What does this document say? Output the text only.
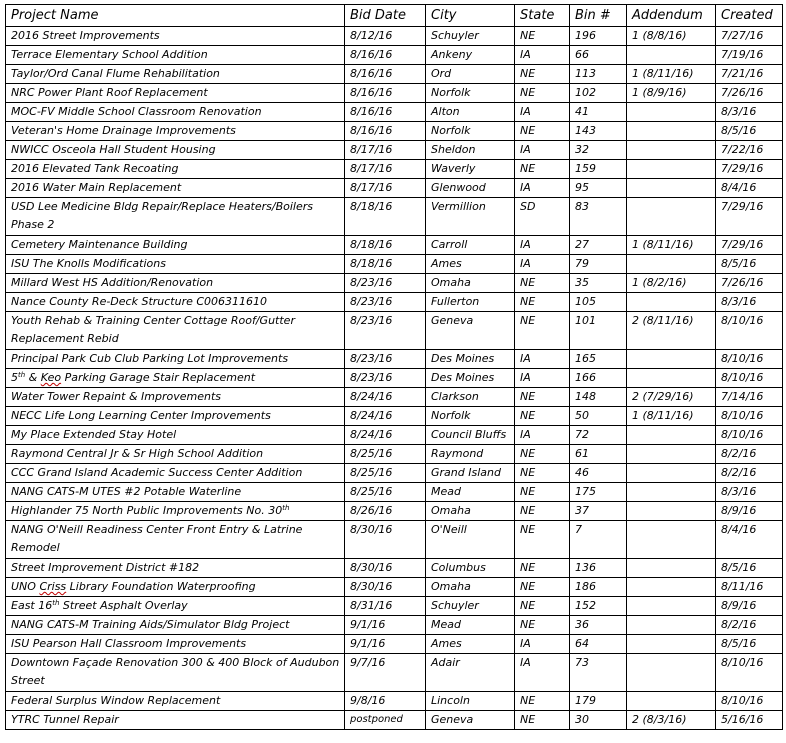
Project Name	Bid Date	City	State	Bin #	Addendum	Created
2016 Street Improvements	8/12/16	Schuyler	NE	196	1 (8/8/16)	7/27/16
Terrace Elementary School Addition	8/16/16	Ankeny	IA	66		7/19/16
Taylor/Ord Canal Flume Rehabilitation	8/16/16	Ord	NE	113	1 (8/11/16)	7/21/16
NRC Power Plant Roof Replacement	8/16/16	Norfolk	NE	102	1 (8/9/16)	7/26/16
MOC-FV Middle School Classroom Renovation	8/16/16	Alton	IA	41		8/3/16
Veteran's Home Drainage Improvements	8/16/16	Norfolk	NE	143		8/5/16
NWICC Osceola Hall Student Housing	8/17/16	Sheldon	IA	32		7/22/16
2016 Elevated Tank Recoating	8/17/16	Waverly	NE	159		7/29/16
2016 Water Main Replacement	8/17/16	Glenwood	IA	95		8/4/16
USD Lee Medicine Bldg Repair/Replace Heaters/Boilers Phase 2	8/18/16	Vermillion	SD	83		7/29/16
Cemetery Maintenance Building	8/18/16	Carroll	IA	27	1 (8/11/16)	7/29/16
ISU The Knolls Modifications	8/18/16	Ames	IA	79		8/5/16
Millard West HS Addition/Renovation	8/23/16	Omaha	NE	35	1 (8/2/16)	7/26/16
Nance County Re-Deck Structure C006311610	8/23/16	Fullerton	NE	105		8/3/16
Youth Rehab & Training Center Cottage Roof/Gutter Replacement Rebid	8/23/16	Geneva	NE	101	2 (8/11/16)	8/10/16
Principal Park Cub Club Parking Lot Improvements	8/23/16	Des Moines	IA	165		8/10/16
5th & Keo Parking Garage Stair Replacement	8/23/16	Des Moines	IA	166		8/10/16
Water Tower Repaint & Improvements	8/24/16	Clarkson	NE	148	2 (7/29/16)	7/14/16
NECC Life Long Learning Center Improvements	8/24/16	Norfolk	NE	50	1 (8/11/16)	8/10/16
My Place Extended Stay Hotel	8/24/16	Council Bluffs	IA	72		8/10/16
Raymond Central Jr & Sr High School Addition	8/25/16	Raymond	NE	61		8/2/16
CCC Grand Island Academic Success Center Addition	8/25/16	Grand Island	NE	46		8/2/16
NANG CATS-M UTES #2 Potable Waterline	8/25/16	Mead	NE	175		8/3/16
Highlander 75 North Public Improvements No. 30th	8/26/16	Omaha	NE	37		8/9/16
NANG O'Neill Readiness Center Front Entry & Latrine Remodel	8/30/16	O'Neill	NE	7		8/4/16
Street Improvement District #182	8/30/16	Columbus	NE	136		8/5/16
UNO Criss Library Foundation Waterproofing	8/30/16	Omaha	NE	186		8/11/16
East 16th Street Asphalt Overlay	8/31/16	Schuyler	NE	152		8/9/16
NANG CATS-M Training Aids/Simulator Bldg Project	9/1/16	Mead	NE	36		8/2/16
ISU Pearson Hall Classroom Improvements	9/1/16	Ames	IA	64		8/5/16
Downtown Façade Renovation 300 & 400 Block of Audubon Street	9/7/16	Adair	IA	73		8/10/16
Federal Surplus Window Replacement	9/8/16	Lincoln	NE	179		8/10/16
YTRC Tunnel Repair	postponed	Geneva	NE	30	2 (8/3/16)	5/16/16
